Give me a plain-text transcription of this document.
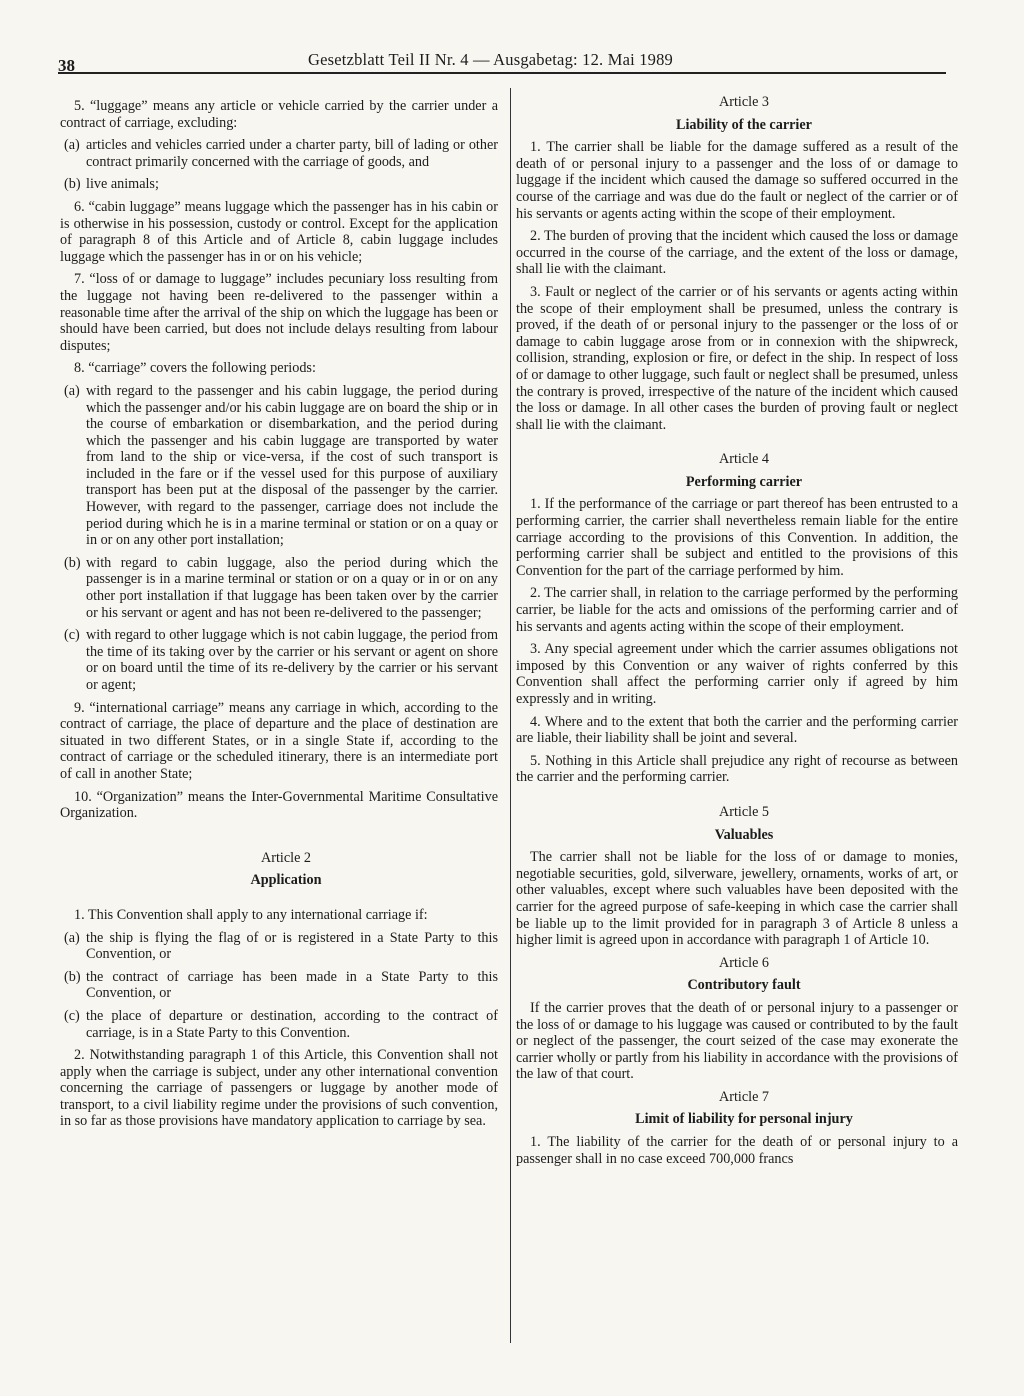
38	Gesetzblatt Teil II Nr. 4 — Ausgabetag: 12. Mai 1989

5. “luggage” means any article or vehicle carried by the carrier under a contract of carriage, excluding:

(a) articles and vehicles carried under a charter party, bill of lading or other contract primarily concerned with the carriage of goods, and
(b) live animals;

6. “cabin luggage” means luggage which the passenger has in his cabin or is otherwise in his possession, custody or control. Except for the application of paragraph 8 of this Article and of Article 8, cabin luggage includes luggage which the passenger has in or on his vehicle;

7. “loss of or damage to luggage” includes pecuniary loss resulting from the luggage not having been re-delivered to the passenger within a reasonable time after the arrival of the ship on which the luggage has been or should have been carried, but does not include delays resulting from labour disputes;

8. “carriage” covers the following periods:

(a) with regard to the passenger and his cabin luggage, the period during which the passenger and/or his cabin luggage are on board the ship or in the course of embarkation or disembarkation, and the period during which the passenger and his cabin luggage are transported by water from land to the ship or vice-versa, if the cost of such transport is included in the fare or if the vessel used for this purpose of auxiliary transport has been put at the disposal of the passenger by the carrier. However, with regard to the passenger, carriage does not include the period during which he is in a marine terminal or station or on a quay or in or on any other port installation;
(b) with regard to cabin luggage, also the period during which the passenger is in a marine terminal or station or on a quay or in or on any other port installation if that luggage has been taken over by the carrier or his servant or agent and has not been re-delivered to the passenger;
(c) with regard to other luggage which is not cabin luggage, the period from the time of its taking over by the carrier or his servant or agent on shore or on board until the time of its re-delivery by the carrier or his servant or agent;

9. “international carriage” means any carriage in which, according to the contract of carriage, the place of departure and the place of destination are situated in two different States, or in a single State if, according to the contract of carriage or the scheduled itinerary, there is an intermediate port of call in another State;

10. “Organization” means the Inter-Governmental Maritime Consultative Organization.

Article 2

Application

1. This Convention shall apply to any international carriage if:

(a) the ship is flying the flag of or is registered in a State Party to this Convention, or
(b) the contract of carriage has been made in a State Party to this Convention, or
(c) the place of departure or destination, according to the contract of carriage, is in a State Party to this Convention.

2. Notwithstanding paragraph 1 of this Article, this Convention shall not apply when the carriage is subject, under any other international convention concerning the carriage of passengers or luggage by another mode of transport, to a civil liability regime under the provisions of such convention, in so far as those provisions have mandatory application to carriage by sea.

Article 3

Liability of the carrier

1. The carrier shall be liable for the damage suffered as a result of the death of or personal injury to a passenger and the loss of or damage to luggage if the incident which caused the damage so suffered occurred in the course of the carriage and was due do the fault or neglect of the carrier or of his servants or agents acting within the scope of their employment.

2. The burden of proving that the incident which caused the loss or damage occurred in the course of the carriage, and the extent of the loss or damage, shall lie with the claimant.

3. Fault or neglect of the carrier or of his servants or agents acting within the scope of their employment shall be presumed, unless the contrary is proved, if the death of or personal injury to the passenger or the loss of or damage to cabin luggage arose from or in connexion with the shipwreck, collision, stranding, explosion or fire, or defect in the ship. In respect of loss of or damage to other luggage, such fault or neglect shall be presumed, unless the contrary is proved, irrespective of the nature of the incident which caused the loss or damage. In all other cases the burden of proving fault or neglect shall lie with the claimant.

Article 4

Performing carrier

1. If the performance of the carriage or part thereof has been entrusted to a performing carrier, the carrier shall nevertheless remain liable for the entire carriage according to the provisions of this Convention. In addition, the performing carrier shall be subject and entitled to the provisions of this Convention for the part of the carriage performed by him.

2. The carrier shall, in relation to the carriage performed by the performing carrier, be liable for the acts and omissions of the performing carrier and of his servants and agents acting within the scope of their employment.

3. Any special agreement under which the carrier assumes obligations not imposed by this Convention or any waiver of rights conferred by this Convention shall affect the performing carrier only if agreed by him expressly and in writing.

4. Where and to the extent that both the carrier and the performing carrier are liable, their liability shall be joint and several.

5. Nothing in this Article shall prejudice any right of recourse as between the carrier and the performing carrier.

Article 5

Valuables

The carrier shall not be liable for the loss of or damage to monies, negotiable securities, gold, silverware, jewellery, ornaments, works of art, or other valuables, except where such valuables have been deposited with the carrier for the agreed purpose of safe-keeping in which case the carrier shall be liable up to the limit provided for in paragraph 3 of Article 8 unless a higher limit is agreed upon in accordance with paragraph 1 of Article 10.

Article 6

Contributory fault

If the carrier proves that the death of or personal injury to a passenger or the loss of or damage to his luggage was caused or contributed to by the fault or neglect of the passenger, the court seized of the case may exonerate the carrier wholly or partly from his liability in accordance with the provisions of the law of that court.

Article 7

Limit of liability for personal injury

1. The liability of the carrier for the death of or personal injury to a passenger shall in no case exceed 700,000 francs
